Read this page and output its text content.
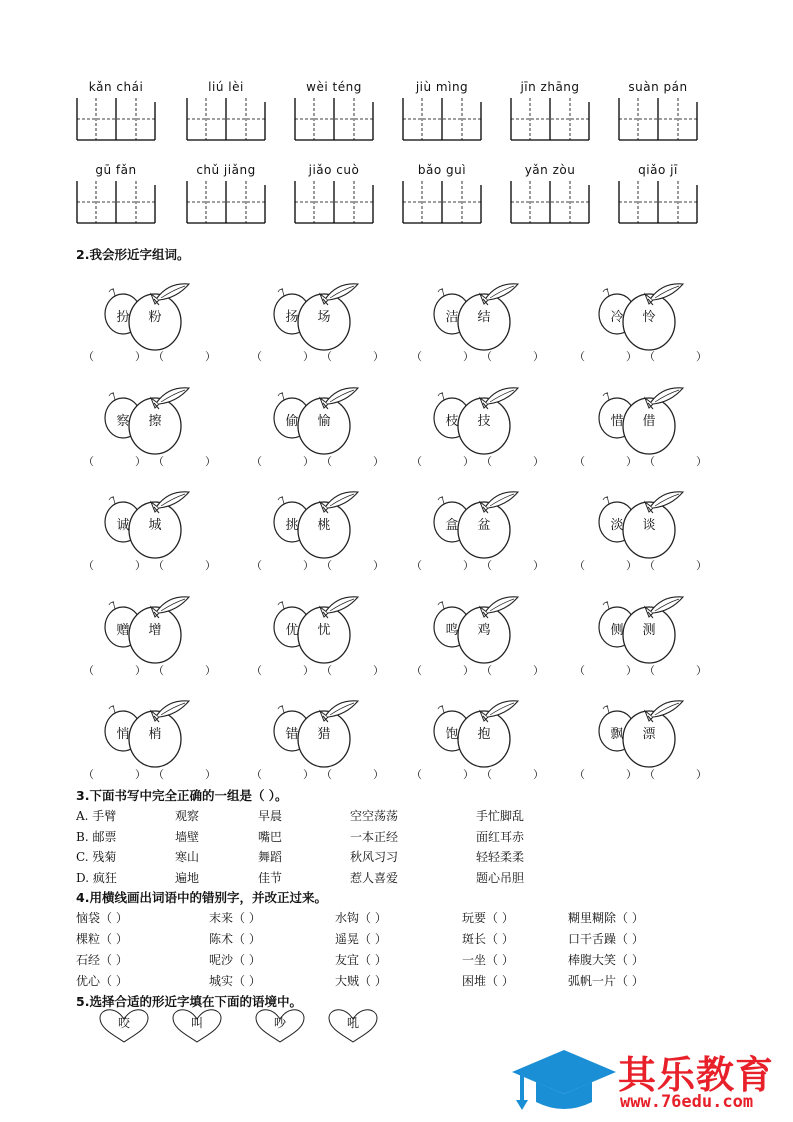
kǎn chái	liú lèi	wèi téng	jiù mìng	jīn zhāng	suàn pán
gū fǎn	chǔ jiǎng	jiǎo cuò	bǎo guì	yǎn zòu	qiǎo jī
2.我会形近字组词。
扮 粉
（	） （	）
扬 场
（	） （	）
洁 结
（	） （	）
冷 怜
（	） （	）
察 擦
（	） （	）
偷 愉
（	） （	）
枝 技
（	） （	）
惜 借
（	） （	）
诚 城
（	） （	）
挑 桃
（	） （	）
盒 盆
（	） （	）
淡 谈
（	） （	）
赠 增
（	） （	）
优 忧
（	） （	）
鸣 鸡
（	） （	）
侧 测
（	） （	）
悄 梢
（	） （	）
错 猎
（	） （	）
饱 抱
（	） （	）
飘 漂
（	） （	）
3.下面书写中完全正确的一组是（ ）。
A. 手臂	观察	早晨	空空荡荡	手忙脚乱
B. 邮票	墙壁	嘴巴	一本正经	面红耳赤
C. 残菊	寒山	舞蹈	秋风习习	轻轻柔柔
D. 疯狂	遍地	佳节	惹人喜爱	题心吊胆
4.用横线画出词语中的错别字，并改正过来。
恼袋（ ）	末来（ ）	水钩（ ）	玩要（ ）	糊里糊除（ ）
棵粒（ ）	陈术（ ）	遥晃（ ）	斑长（ ）	口干舌躁（ ）
石经（ ）	呢沙（ ）	友宜（ ）	一坐（ ）	棒腹大笑（ ）
优心（ ）	城实（ ）	大贼（ ）	困堆（ ）	弧帆一片（ ）
5.选择合适的形近字填在下面的语境中。
咬	叫	吵	吼
其乐教育
www.76edu.com
